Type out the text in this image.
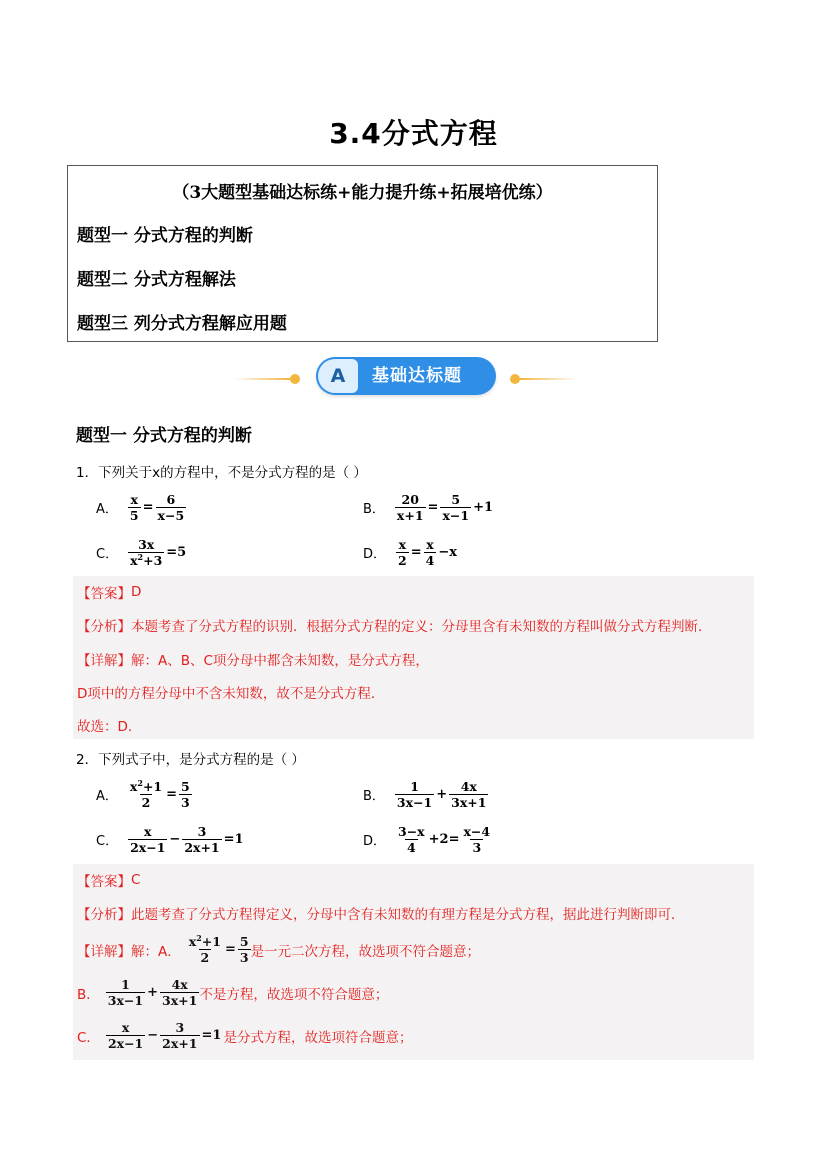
3.4分式方程
（3大题型基础达标练+能力提升练+拓展培优练）
题型一 分式方程的判断
题型二 分式方程解法
题型三 列分式方程解应用题
A	基础达标题
题型一 分式方程的判断
1．下列关于x的方程中，不是分式方程的是（ ）
A． $\frac{x}{5} = \frac{6}{x-5}$	B． $\frac{20}{x+1} = \frac{5}{x-1} +1$
C． $\frac{3x}{x^2+3} =5$	D． $\frac{x}{2} = \frac{x}{4} -x$
【答案】 D
【分析】 本题考查了分式方程的识别．根据分式方程的定义：分母里含有未知数的方程叫做分式方程判断．
【详解】 解：A、B、C项分母中都含未知数，是分式方程，
D项中的方程分母中不含未知数，故不是分式方程．
故选：D．
2．下列式子中，是分式方程的是（ ）
A． $\frac{x^2+1}{2} = \frac{5}{3}$	B． $\frac{1}{3x-1} + \frac{4x}{3x+1}$
C． $\frac{x}{2x-1} - \frac{3}{2x+1} =1$	D． $\frac{3-x}{4} +2= \frac{x-4}{3}$
【答案】 C
【分析】 此题考查了分式方程得定义，分母中含有未知数的有理方程是分式方程，据此进行判断即可．
【详解】 解：A． $\frac{x^2+1}{2} = \frac{5}{3}$ 是一元二次方程，故选项不符合题意；
B． $\frac{1}{3x-1} + \frac{4x}{3x+1}$ 不是方程，故选项不符合题意；
C． $\frac{x}{2x-1} - \frac{3}{2x+1} =1$ 是分式方程，故选项符合题意；
